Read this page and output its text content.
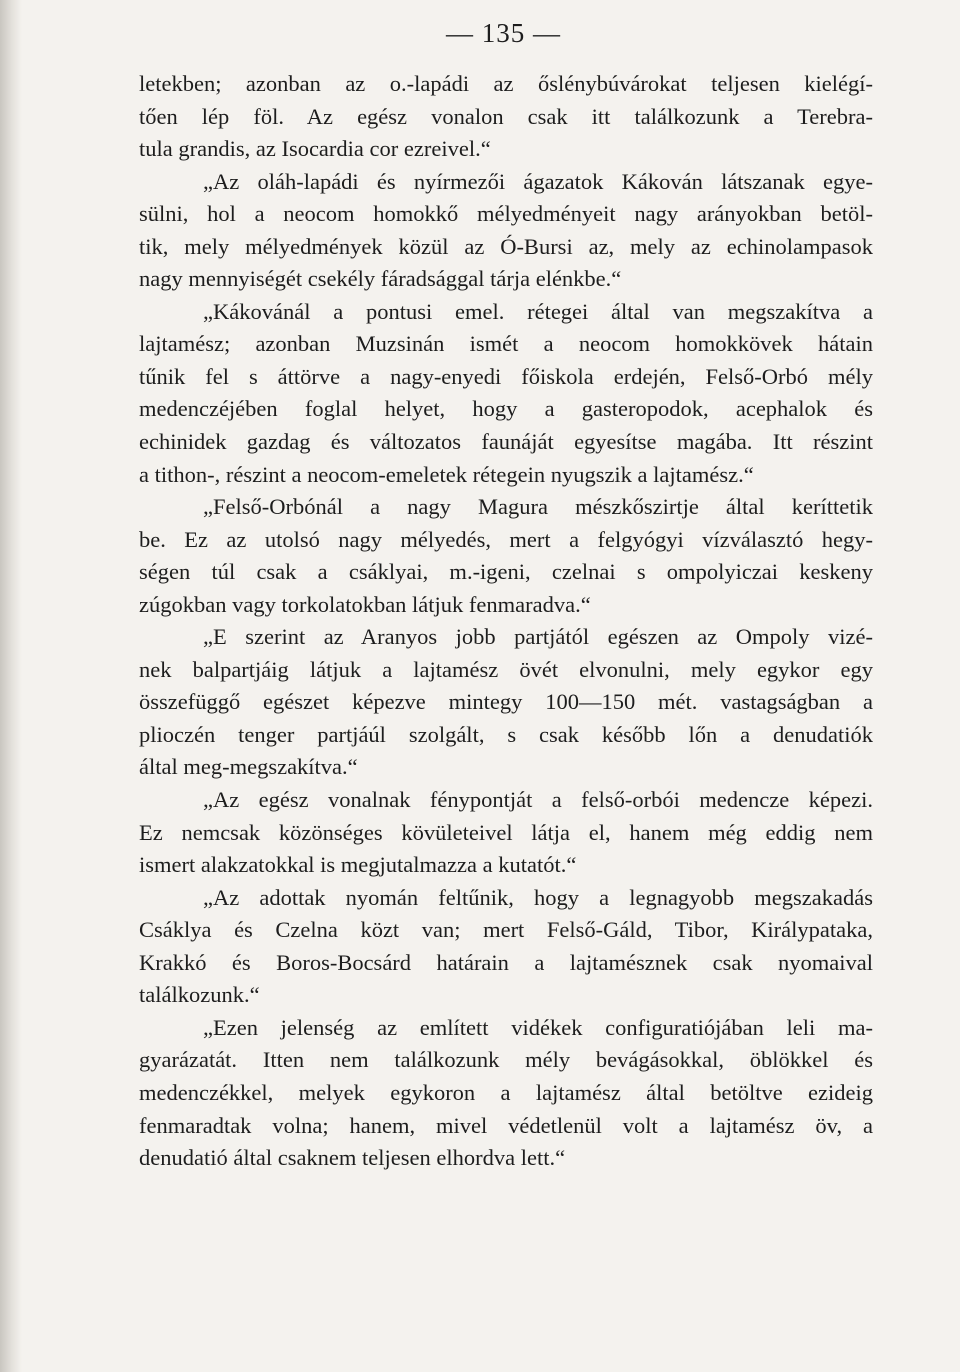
— 135 —
letekben; azonban az o.-lapádi az őslénybúvárokat teljesen kielégí-
tően lép föl. Az egész vonalon csak itt találkozunk a Terebra-
tula grandis, az Isocardia cor ezreivel.“
„Az oláh-lapádi és nyírmezői ágazatok Kákován látszanak egye-
sülni, hol a neocom homokkő mélyedményeit nagy arányokban betöl-
tik, mely mélyedmények közül az Ó-Bursi az, mely az echinolampasok
nagy mennyiségét csekély fáradsággal tárja elénkbe.“
„Kákovánál a pontusi emel. rétegei által van megszakítva a
lajtamész; azonban Muzsinán ismét a neocom homokkövek hátain
tűnik fel s áttörve a nagy-enyedi főiskola erdején, Felső-Orbó mély
medenczéjében foglal helyet, hogy a gasteropodok, acephalok és
echinidek gazdag és változatos faunáját egyesítse magába. Itt részint
a tithon-, részint a neocom-emeletek rétegein nyugszik a lajtamész.“
„Felső-Orbónál a nagy Magura mészkőszirtje által keríttetik
be. Ez az utolsó nagy mélyedés, mert a felgyógyi vízválasztó hegy-
ségen túl csak a csáklyai, m.-igeni, czelnai s ompolyiczai keskeny
zúgokban vagy torkolatokban látjuk fenmaradva.“
„E szerint az Aranyos jobb partjától egészen az Ompoly vizé-
nek balpartjáig látjuk a lajtamész övét elvonulni, mely egykor egy
összefüggő egészet képezve mintegy 100—150 mét. vastagságban a
plioczén tenger partjáúl szolgált, s csak később lőn a denudatiók
által meg-megszakítva.“
„Az egész vonalnak fénypontját a felső-orbói medencze képezi.
Ez nemcsak közönséges kövületeivel látja el, hanem még eddig nem
ismert alakzatokkal is megjutalmazza a kutatót.“
„Az adottak nyomán feltűnik, hogy a legnagyobb megszakadás
Csáklya és Czelna közt van; mert Felső-Gáld, Tibor, Királypataka,
Krakkó és Boros-Bocsárd határain a lajtamésznek csak nyomaival
találkozunk.“
„Ezen jelenség az említett vidékek configuratiójában leli ma-
gyarázatát. Itten nem találkozunk mély bevágásokkal, öblökkel és
medenczékkel, melyek egykoron a lajtamész által betöltve ezideig
fenmaradtak volna; hanem, mivel védetlenül volt a lajtamész öv, a
denudatió által csaknem teljesen elhordva lett.“
